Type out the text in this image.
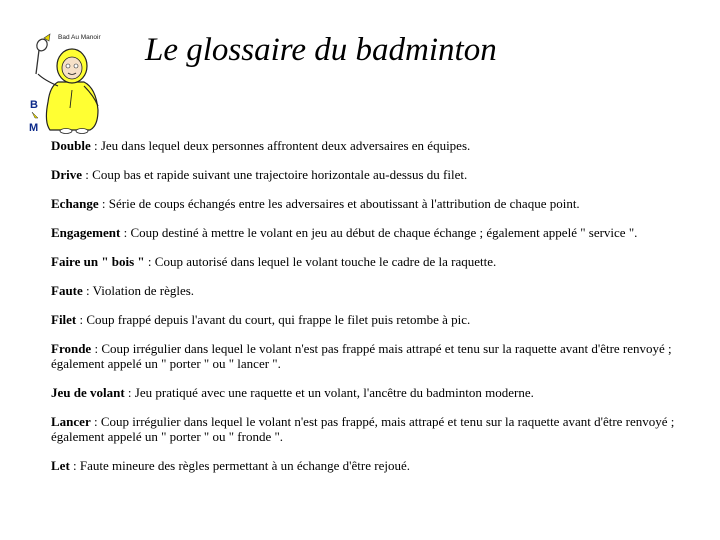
B
M
Bad Au Manoir Le glossaire du badminton

Double : Jeu dans lequel deux personnes affrontent deux adversaires en équipes.

Drive : Coup bas et rapide suivant une trajectoire horizontale au-dessus du filet.

Echange : Série de coups échangés entre les adversaires et aboutissant à l'attribution de chaque point.

Engagement : Coup destiné à mettre le volant en jeu au début de chaque échange ; également appelé " service ".

Faire un " bois " : Coup autorisé dans lequel le volant touche le cadre de la raquette.

Faute : Violation de règles.

Filet : Coup frappé depuis l'avant du court, qui frappe le filet puis retombe à pic.

Fronde : Coup irrégulier dans lequel le volant n'est pas frappé mais attrapé et tenu sur la raquette avant d'être renvoyé ; également appelé un " porter " ou " lancer ".

Jeu de volant : Jeu pratiqué avec une raquette et un volant, l'ancêtre du badminton moderne.

Lancer : Coup irrégulier dans lequel le volant n'est pas frappé, mais attrapé et tenu sur la raquette avant d'être renvoyé ; également appelé un " porter " ou " fronde ".

Let : Faute mineure des règles permettant à un échange d'être rejoué.
